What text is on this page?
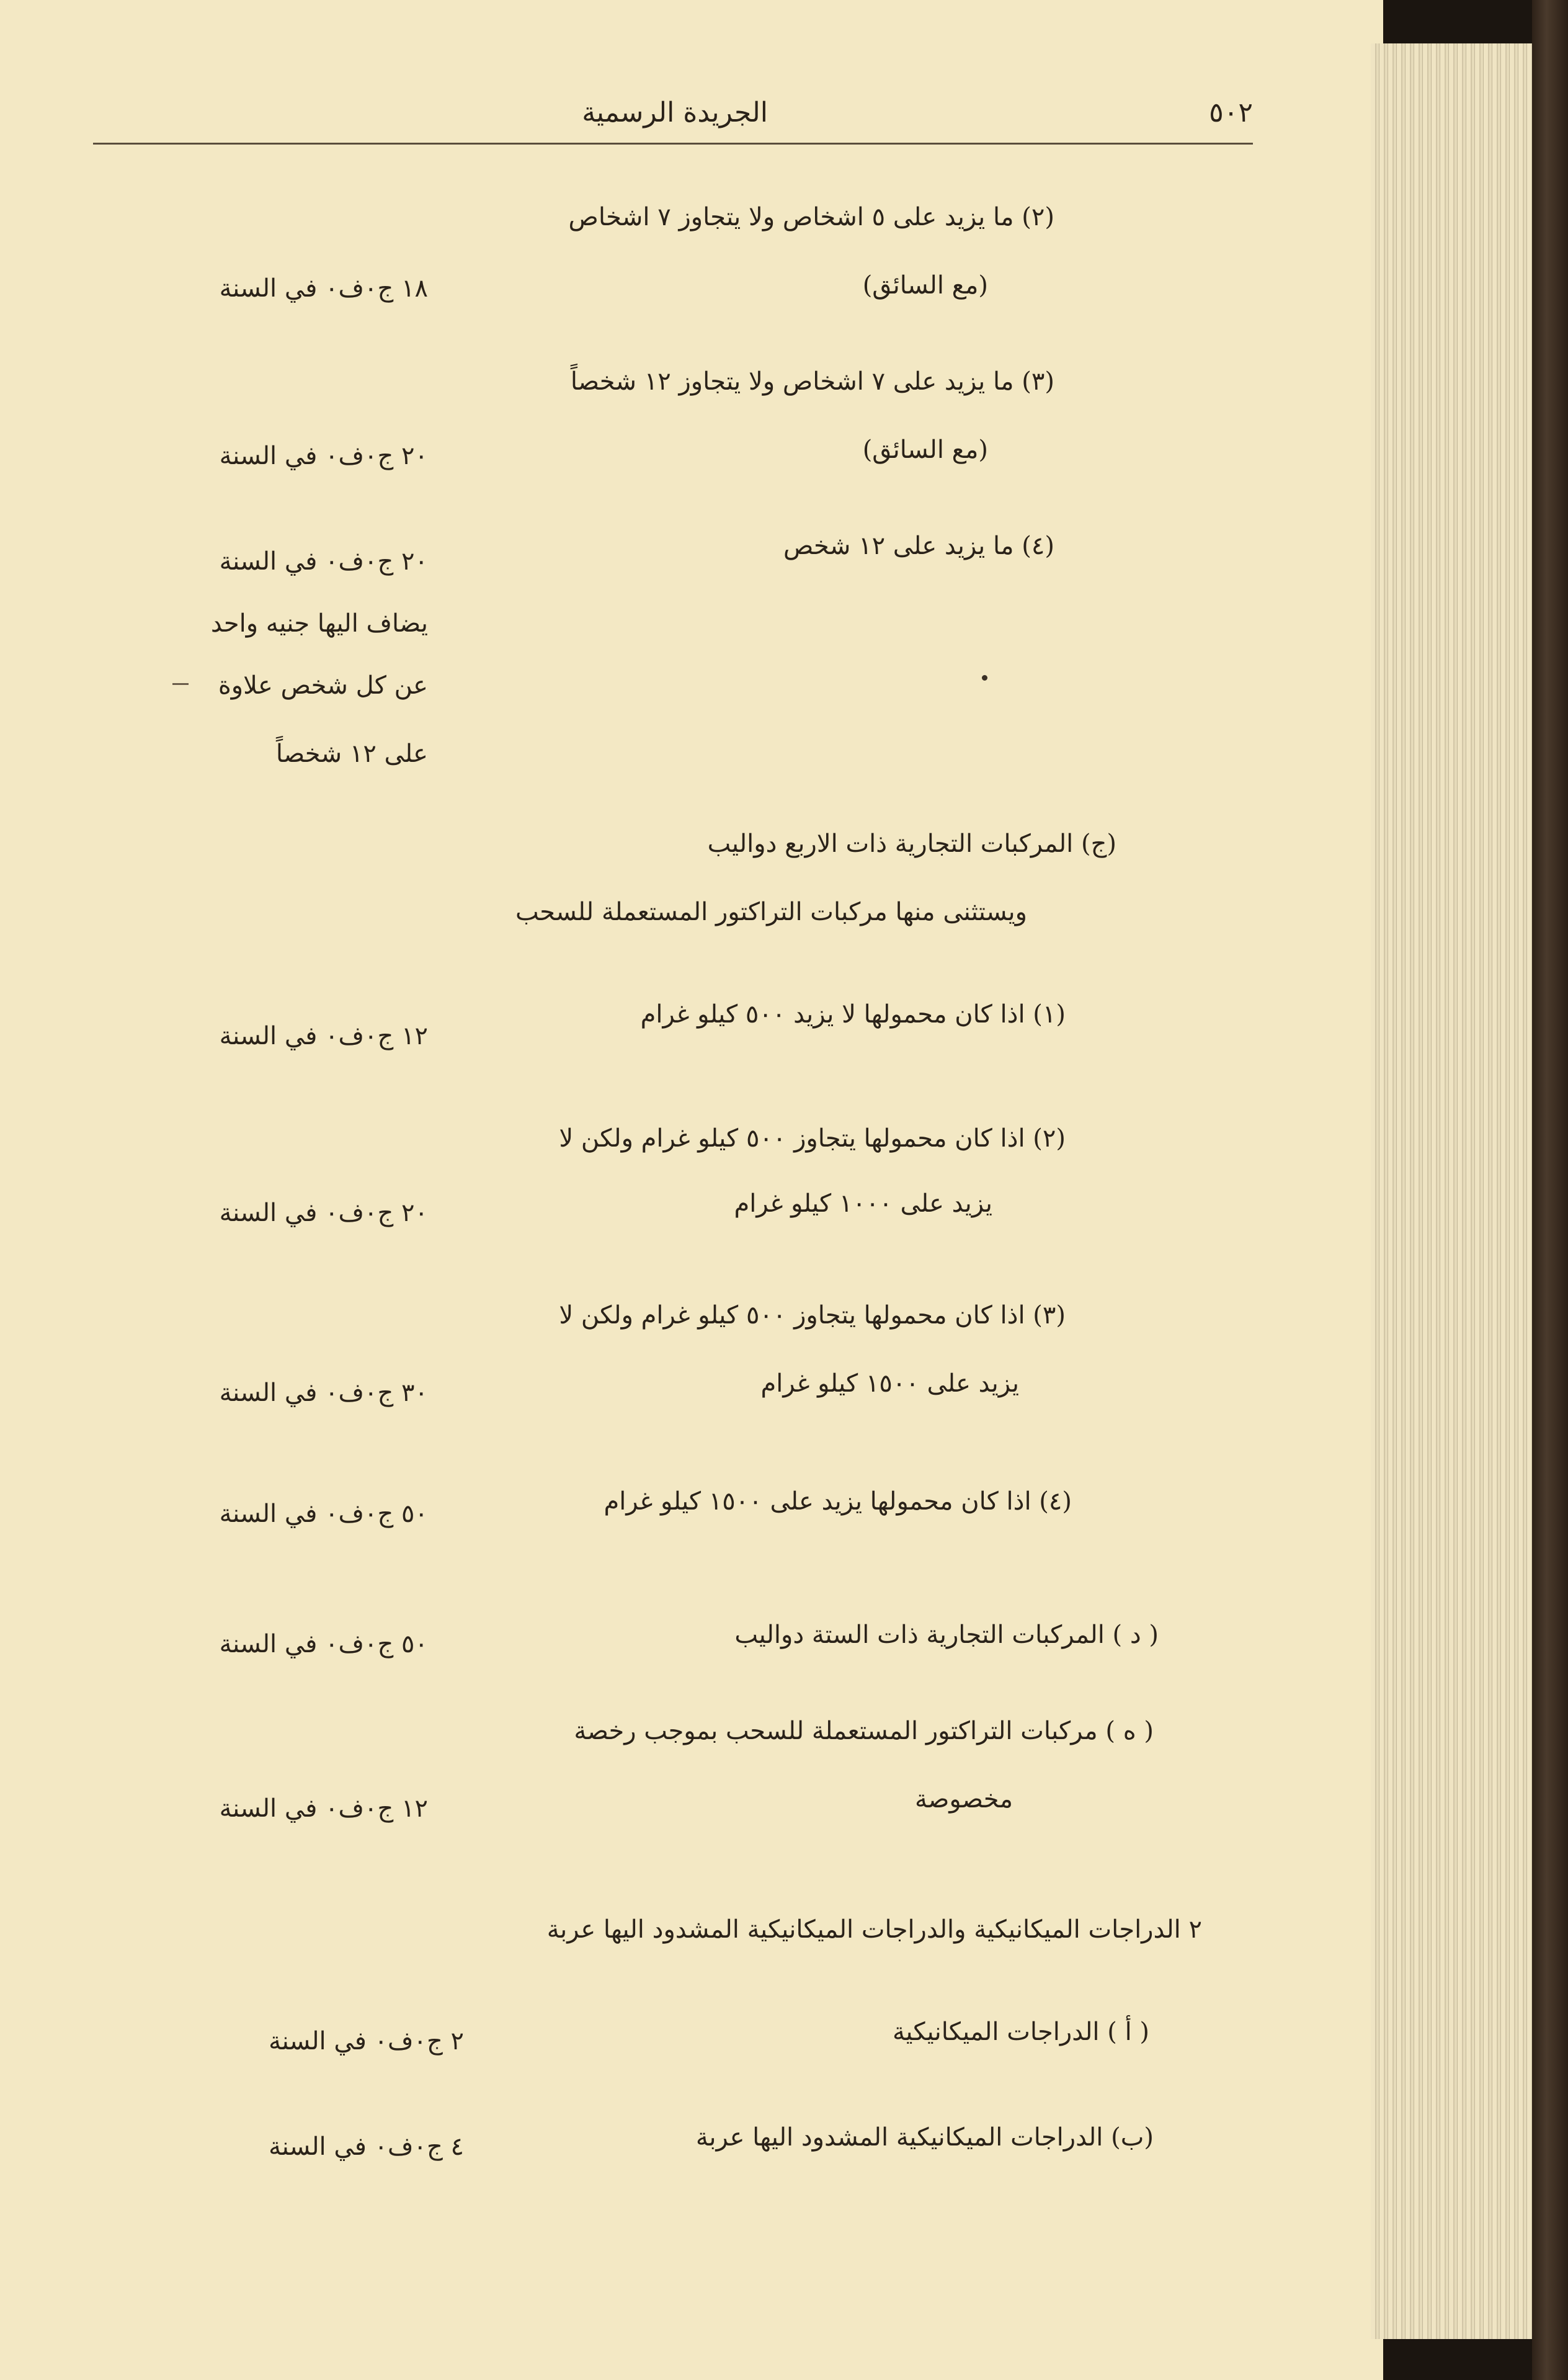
الجريدة الرسمية	٥٠٢
(٢) ما يزيد على ٥ اشخاص ولا يتجاوز ٧ اشخاص
(مع السائق)
١٨ ج٠ف٠ في السنة
(٣) ما يزيد على ٧ اشخاص ولا يتجاوز ١٢ شخصاً
(مع السائق)
٢٠ ج٠ف٠ في السنة
(٤) ما يزيد على ١٢ شخص
٢٠ ج٠ف٠ في السنة
يضاف اليها جنيه واحد
عن كل شخص علاوة
على ١٢ شخصاً
(ج) المركبات التجارية ذات الاربع دواليب
ويستثنى منها مركبات التراكتور المستعملة للسحب
(١) اذا كان محمولها لا يزيد ٥٠٠ كيلو غرام
١٢ ج٠ف٠ في السنة
(٢) اذا كان محمولها يتجاوز ٥٠٠ كيلو غرام ولكن لا
يزيد على ١٠٠٠ كيلو غرام
٢٠ ج٠ف٠ في السنة
(٣) اذا كان محمولها يتجاوز ٥٠٠ كيلو غرام ولكن لا
يزيد على ١٥٠٠ كيلو غرام
٣٠ ج٠ف٠ في السنة
(٤) اذا كان محمولها يزيد على ١٥٠٠ كيلو غرام
٥٠ ج٠ف٠ في السنة
( د ) المركبات التجارية ذات الستة دواليب
٥٠ ج٠ف٠ في السنة
( ه ) مركبات التراكتور المستعملة للسحب بموجب رخصة
مخصوصة
١٢ ج٠ف٠ في السنة
٢ الدراجات الميكانيكية والدراجات الميكانيكية المشدود اليها عربة
( أ ) الدراجات الميكانيكية
٢ ج٠ف٠ في السنة
(ب) الدراجات الميكانيكية المشدود اليها عربة
٤ ج٠ف٠ في السنة
